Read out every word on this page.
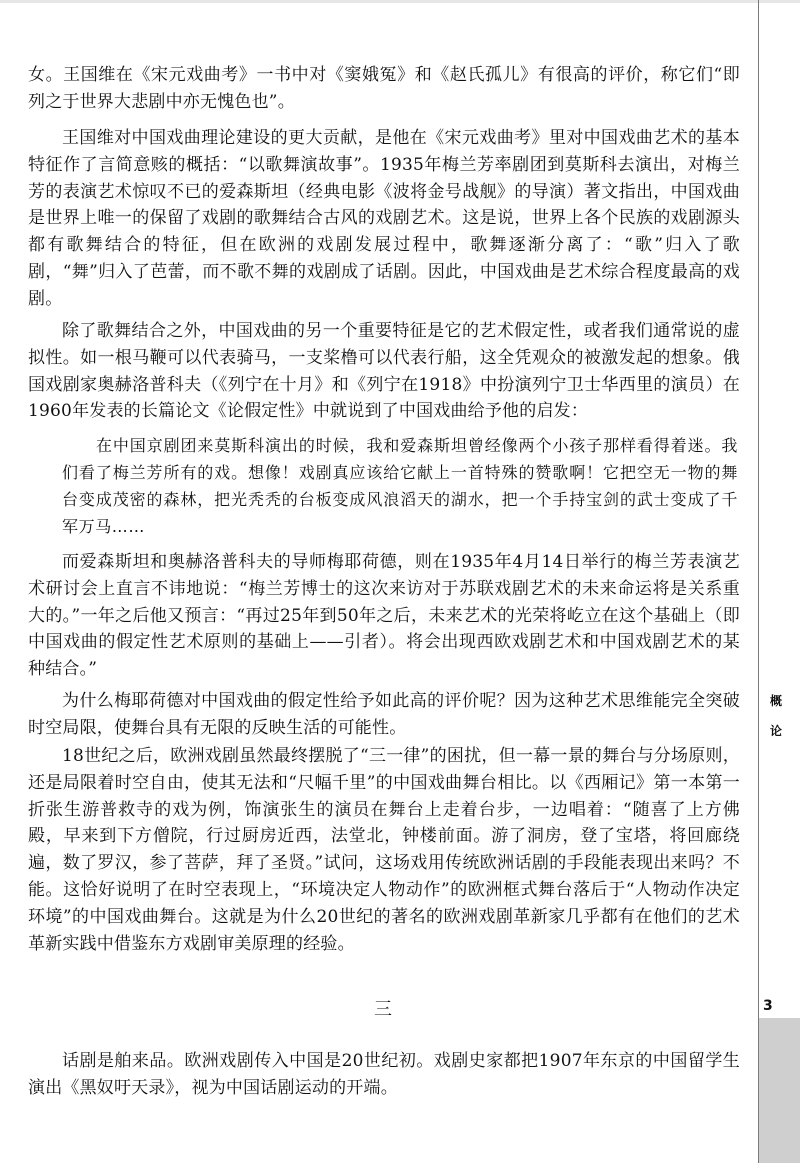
女。王国维在《宋元戏曲考》一书中对《窦娥冤》和《赵氏孤儿》有很高的评价，称它们“即列之于世界大悲剧中亦无愧色也”。

王国维对中国戏曲理论建设的更大贡献，是他在《宋元戏曲考》里对中国戏曲艺术的基本特征作了言简意赅的概括：“以歌舞演故事”。1935年梅兰芳率剧团到莫斯科去演出，对梅兰芳的表演艺术惊叹不已的爱森斯坦（经典电影《波将金号战舰》的导演）著文指出，中国戏曲是世界上唯一的保留了戏剧的歌舞结合古风的戏剧艺术。这是说，世界上各个民族的戏剧源头都有歌舞结合的特征，但在欧洲的戏剧发展过程中，歌舞逐渐分离了：“歌”归入了歌剧，“舞”归入了芭蕾，而不歌不舞的戏剧成了话剧。因此，中国戏曲是艺术综合程度最高的戏剧。

除了歌舞结合之外，中国戏曲的另一个重要特征是它的艺术假定性，或者我们通常说的虚拟性。如一根马鞭可以代表骑马，一支桨橹可以代表行船，这全凭观众的被激发起的想象。俄国戏剧家奥赫洛普科夫（《列宁在十月》和《列宁在1918》中扮演列宁卫士华西里的演员）在1960年发表的长篇论文《论假定性》中就说到了中国戏曲给予他的启发：

在中国京剧团来莫斯科演出的时候，我和爱森斯坦曾经像两个小孩子那样看得着迷。我们看了梅兰芳所有的戏。想像！戏剧真应该给它献上一首特殊的赞歌啊！它把空无一物的舞台变成茂密的森林，把光秃秃的台板变成风浪滔天的湖水，把一个手持宝剑的武士变成了千军万马……

而爱森斯坦和奥赫洛普科夫的导师梅耶荷德，则在1935年4月14日举行的梅兰芳表演艺术研讨会上直言不讳地说：“梅兰芳博士的这次来访对于苏联戏剧艺术的未来命运将是关系重大的。”一年之后他又预言：“再过25年到50年之后，未来艺术的光荣将屹立在这个基础上（即中国戏曲的假定性艺术原则的基础上——引者）。将会出现西欧戏剧艺术和中国戏剧艺术的某种结合。”

为什么梅耶荷德对中国戏曲的假定性给予如此高的评价呢？因为这种艺术思维能完全突破时空局限，使舞台具有无限的反映生活的可能性。

18世纪之后，欧洲戏剧虽然最终摆脱了“三一律”的困扰，但一幕一景的舞台与分场原则，还是局限着时空自由，使其无法和“尺幅千里”的中国戏曲舞台相比。以《西厢记》第一本第一折张生游普救寺的戏为例，饰演张生的演员在舞台上走着台步，一边唱着：“随喜了上方佛殿，早来到下方僧院，行过厨房近西，法堂北，钟楼前面。游了洞房，登了宝塔，将回廊绕遍，数了罗汉，参了菩萨，拜了圣贤。”试问，这场戏用传统欧洲话剧的手段能表现出来吗？不能。这恰好说明了在时空表现上，“环境决定人物动作”的欧洲框式舞台落后于“人物动作决定环境”的中国戏曲舞台。这就是为什么20世纪的著名的欧洲戏剧革新家几乎都有在他们的艺术革新实践中借鉴东方戏剧审美原理的经验。

三

话剧是舶来品。欧洲戏剧传入中国是20世纪初。戏剧史家都把1907年东京的中国留学生演出《黑奴吁天录》，视为中国话剧运动的开端。

概
论
3
